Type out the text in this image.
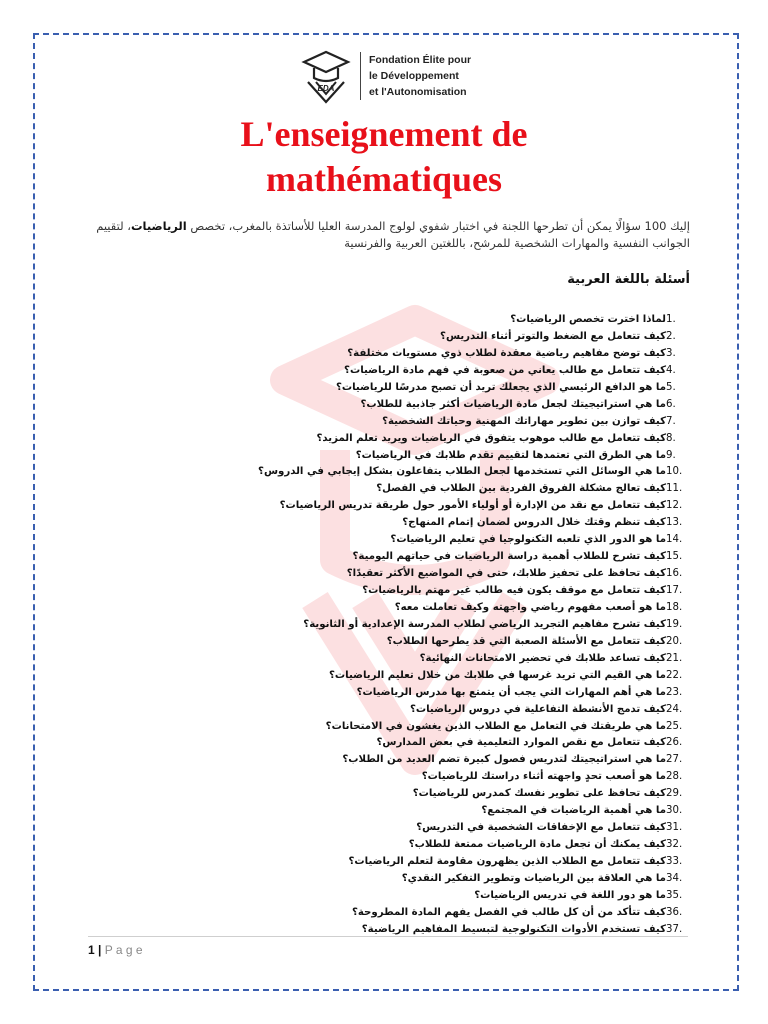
EDA
Fondation Élite pour
le Développement
et l'Autonomisation
L'enseignement de
mathématiques
إليك 100 سؤالًا يمكن أن تطرحها اللجنة في اختبار شفوي لولوج المدرسة العليا للأساتذة بالمغرب، تخصص الرياضيات، لتقييم الجوانب النفسية والمهارات الشخصية للمرشح، باللغتين العربية والفرنسية
أسئلة باللغة العربية
1.لماذا اخترت تخصص الرياضيات؟
2.كيف تتعامل مع الضغط والتوتر أثناء التدريس؟
3.كيف توضح مفاهيم رياضية معقدة لطلاب ذوي مستويات مختلفة؟
4.كيف تتعامل مع طالب يعاني من صعوبة في فهم مادة الرياضيات؟
5.ما هو الدافع الرئيسي الذي يجعلك تريد أن تصبح مدرسًا للرياضيات؟
6.ما هي استراتيجيتك لجعل مادة الرياضيات أكثر جاذبية للطلاب؟
7.كيف توازن بين تطوير مهاراتك المهنية وحياتك الشخصية؟
8.كيف تتعامل مع طالب موهوب يتفوق في الرياضيات ويريد تعلم المزيد؟
9.ما هي الطرق التي تعتمدها لتقييم تقدم طلابك في الرياضيات؟
10.ما هي الوسائل التي تستخدمها لجعل الطلاب يتفاعلون بشكل إيجابي في الدروس؟
11.كيف تعالج مشكلة الفروق الفردية بين الطلاب في الفصل؟
12.كيف تتعامل مع نقد من الإدارة أو أولياء الأمور حول طريقة تدريس الرياضيات؟
13.كيف تنظم وقتك خلال الدروس لضمان إتمام المنهاج؟
14.ما هو الدور الذي تلعبه التكنولوجيا في تعليم الرياضيات؟
15.كيف تشرح للطلاب أهمية دراسة الرياضيات في حياتهم اليومية؟
16.كيف تحافظ على تحفيز طلابك، حتى في المواضيع الأكثر تعقيدًا؟
17.كيف تتعامل مع موقف يكون فيه طالب غير مهتم بالرياضيات؟
18.ما هو أصعب مفهوم رياضي واجهته وكيف تعاملت معه؟
19.كيف تشرح مفاهيم التجريد الرياضي لطلاب المدرسة الإعدادية أو الثانوية؟
20.كيف تتعامل مع الأسئلة الصعبة التي قد يطرحها الطلاب؟
21.كيف تساعد طلابك في تحضير الامتحانات النهائية؟
22.ما هي القيم التي تريد غرسها في طلابك من خلال تعليم الرياضيات؟
23.ما هي أهم المهارات التي يجب أن يتمتع بها مدرس الرياضيات؟
24.كيف تدمج الأنشطة التفاعلية في دروس الرياضيات؟
25.ما هي طريقتك في التعامل مع الطلاب الذين يغشون في الامتحانات؟
26.كيف تتعامل مع نقص الموارد التعليمية في بعض المدارس؟
27.ما هي استراتيجيتك لتدريس فصول كبيرة تضم العديد من الطلاب؟
28.ما هو أصعب تحدٍ واجهته أثناء دراستك للرياضيات؟
29.كيف تحافظ على تطوير نفسك كمدرس للرياضيات؟
30.ما هي أهمية الرياضيات في المجتمع؟
31.كيف تتعامل مع الإخفاقات الشخصية في التدريس؟
32.كيف يمكنك أن تجعل مادة الرياضيات ممتعة للطلاب؟
33.كيف تتعامل مع الطلاب الذين يظهرون مقاومة لتعلم الرياضيات؟
34.ما هي العلاقة بين الرياضيات وتطوير التفكير النقدي؟
35.ما هو دور اللغة في تدريس الرياضيات؟
36.كيف تتأكد من أن كل طالب في الفصل يفهم المادة المطروحة؟
37.كيف تستخدم الأدوات التكنولوجية لتبسيط المفاهيم الرياضية؟
1 | P a g e
